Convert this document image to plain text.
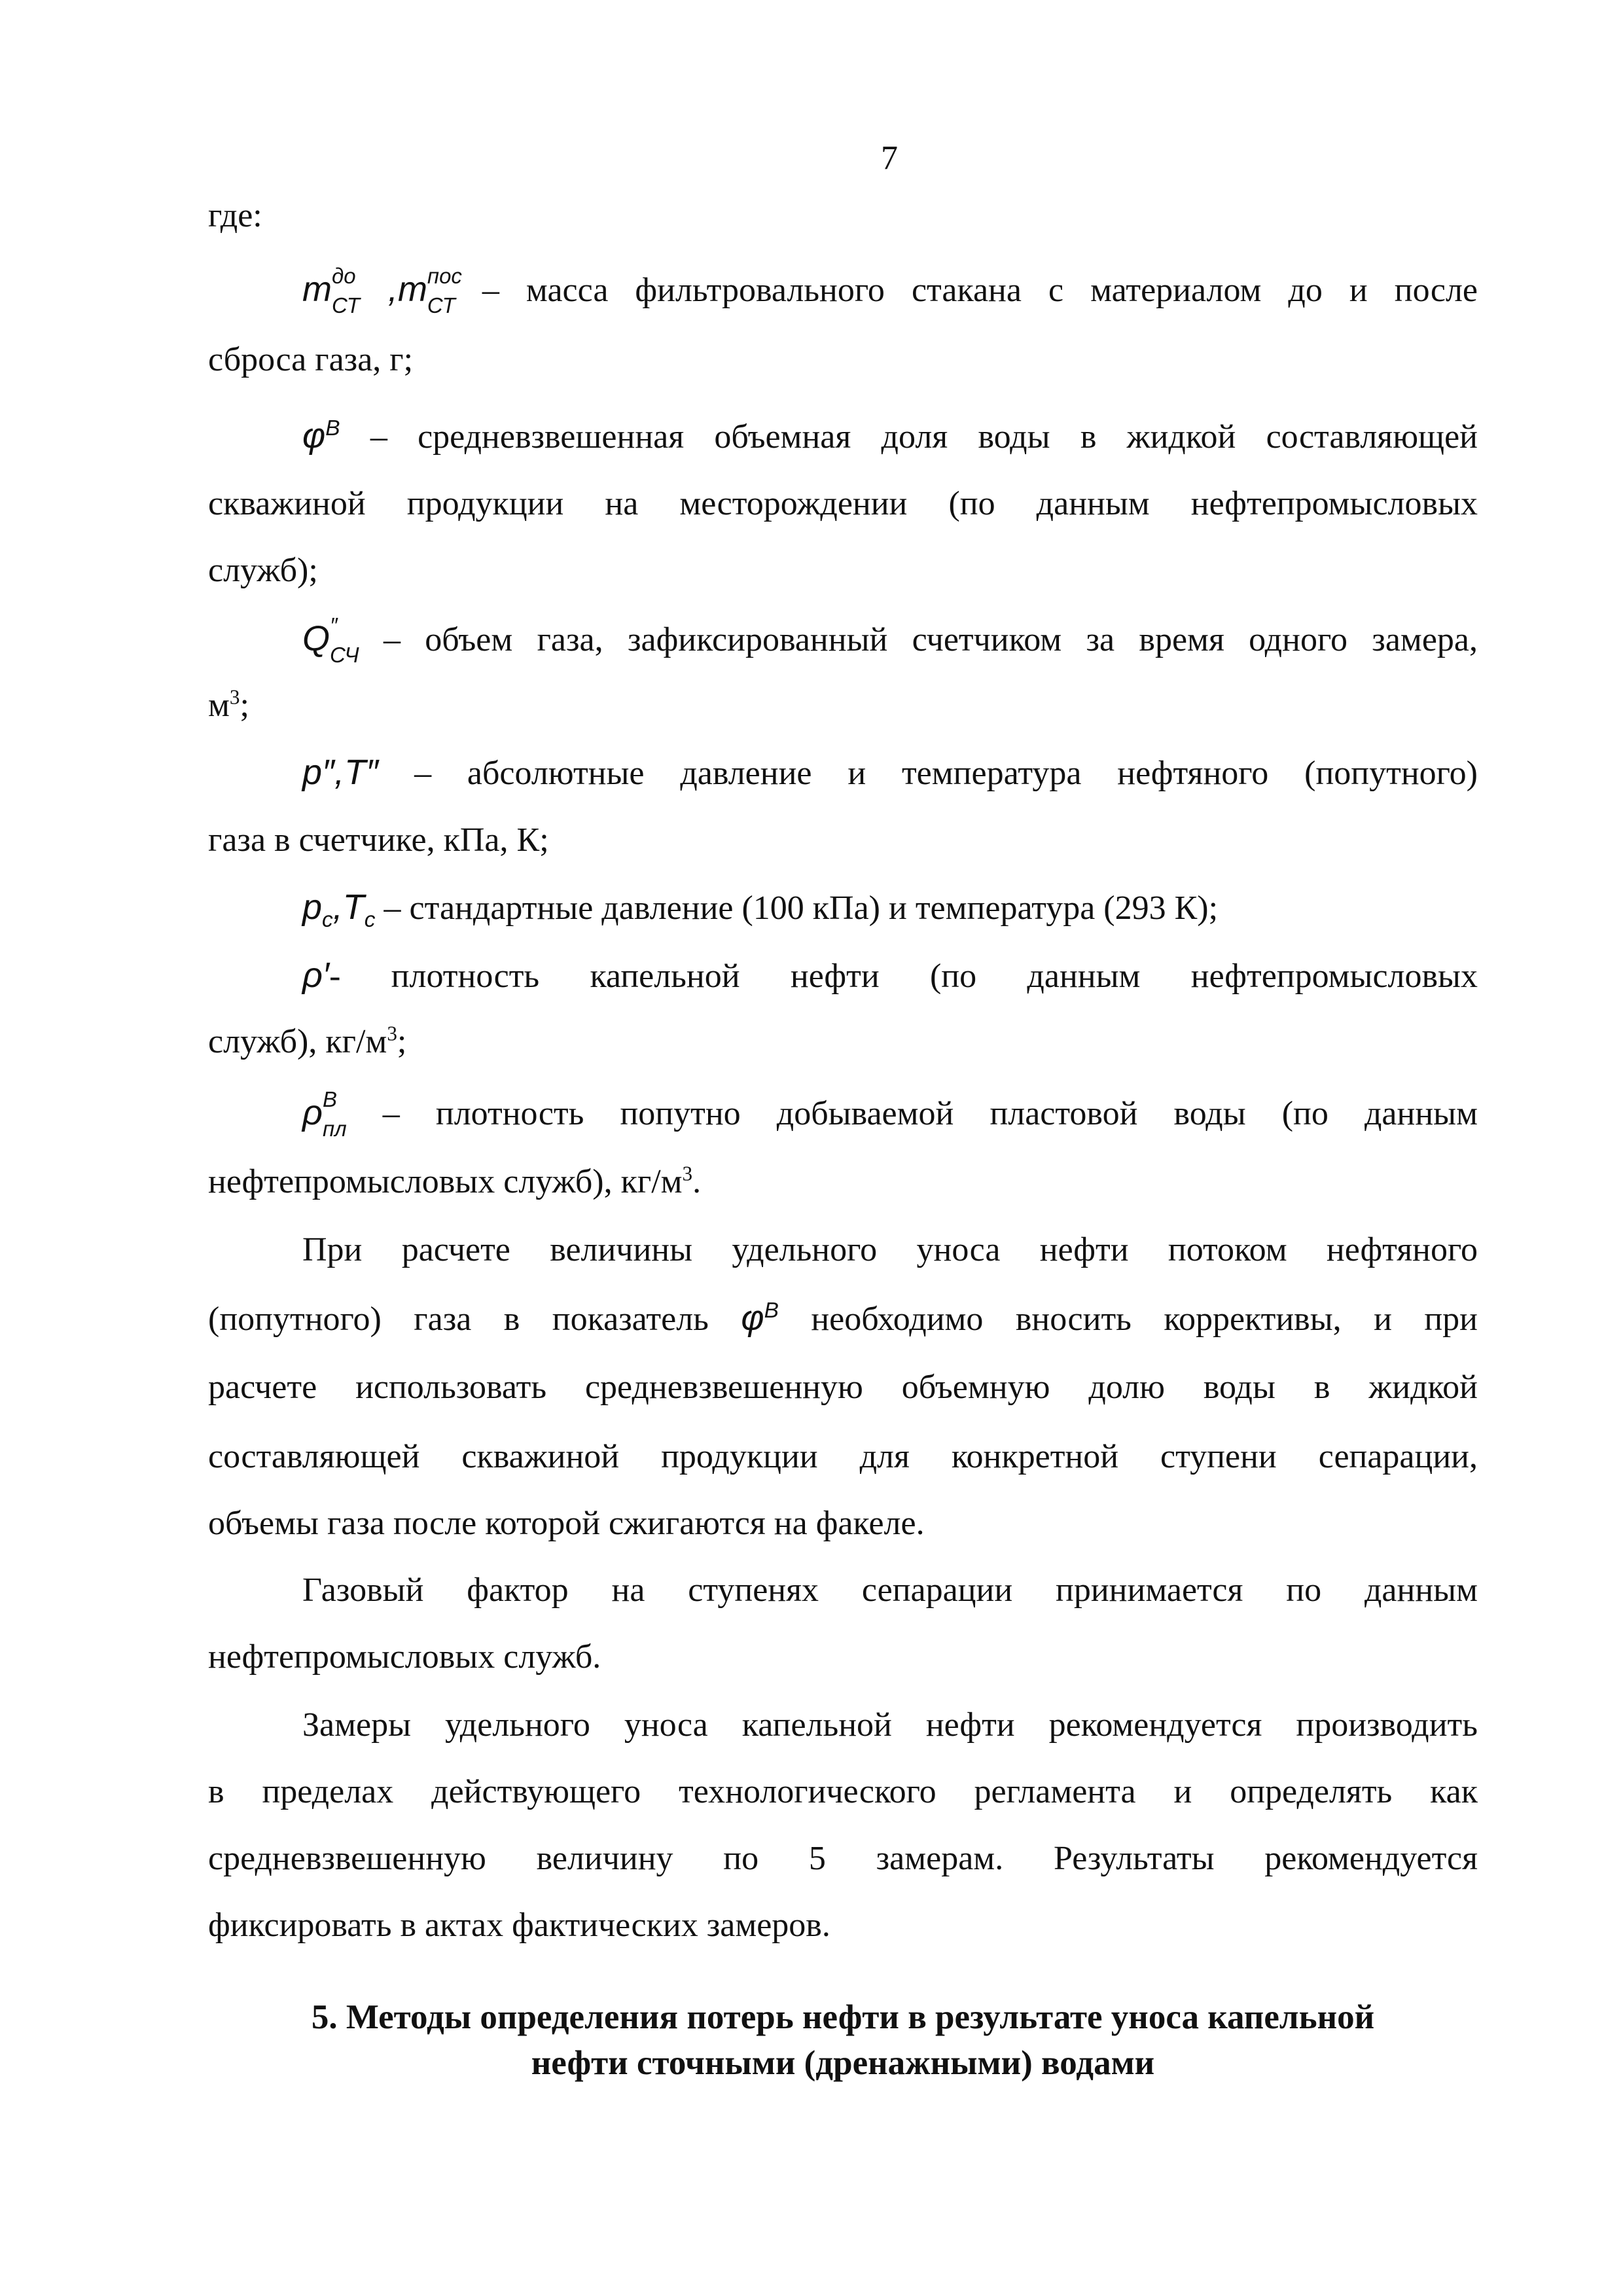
7
где:
m до
$_{СТ}$ ,m пос
$_{СТ}$ – масса фильтровального стакана с материалом до и после
сброса газа, г;
$\varphi^В$ – средневзвешенная объемная доля воды в жидкой составляющей
скважиной продукции на месторождении (по данным нефтепромысловых
служб);
Q ″
$_{СЧ}$ – объем газа, зафиксированный счетчиком за время одного замера,
$м^3$;
p″,T″ – абсолютные давление и температура нефтяного (попутного)
газа в счетчике, кПа, К;
$p_c,T_c$ – стандартные давление (100 кПа) и температура (293 К);
ρ′- плотность капельной нефти (по данным нефтепромысловых
служб), $кг/м^3$;
ρ В
$_{пл}$ – плотность попутно добываемой пластовой воды (по данным
нефтепромысловых служб), $кг/м^3$.
При расчете величины удельного уноса нефти потоком нефтяного
(попутного) газа в показатель $\varphi^В$ необходимо вносить коррективы, и при
расчете использовать средневзвешенную объемную долю воды в жидкой
составляющей скважиной продукции для конкретной ступени сепарации,
объемы газа после которой сжигаются на факеле.
Газовый фактор на ступенях сепарации принимается по данным
нефтепромысловых служб.
Замеры удельного уноса капельной нефти рекомендуется производить
в пределах действующего технологического регламента и определять как
средневзвешенную величину по 5 замерам. Результаты рекомендуется
фиксировать в актах фактических замеров.
5. Методы определения потерь нефти в результате уноса капельной
нефти сточными (дренажными) водами
